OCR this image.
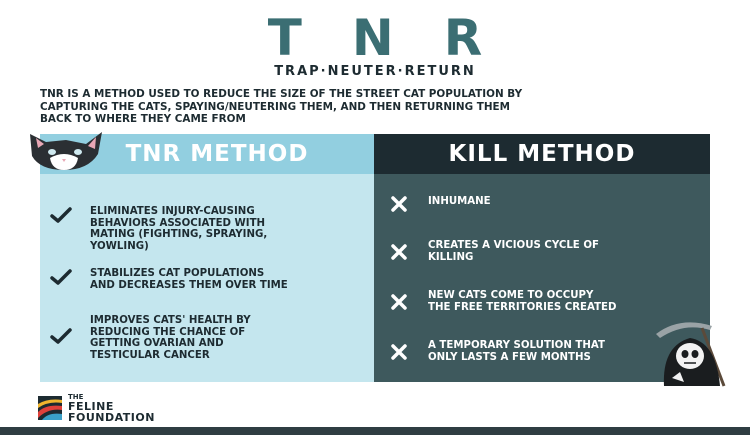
TNR
TRAP·NEUTER·RETURN
TNR IS A METHOD USED TO REDUCE THE SIZE OF THE STREET CAT POPULATION BY
CAPTURING THE CATS, SPAYING/NEUTERING THEM, AND THEN RETURNING THEM
BACK TO WHERE THEY CAME FROM
TNR METHOD	KILL METHOD
ELIMINATES INJURY-CAUSING
BEHAVIORS ASSOCIATED WITH
MATING (FIGHTING, SPRAYING,
YOWLING)
STABILIZES CAT POPULATIONS
AND DECREASES THEM OVER TIME
IMPROVES CATS' HEALTH BY
REDUCING THE CHANCE OF
GETTING OVARIAN AND
TESTICULAR CANCER
INHUMANE
CREATES A VICIOUS CYCLE OF
KILLING
NEW CATS COME TO OCCUPY
THE FREE TERRITORIES CREATED
A TEMPORARY SOLUTION THAT
ONLY LASTS A FEW MONTHS
THE
FELINE
FOUNDATION
